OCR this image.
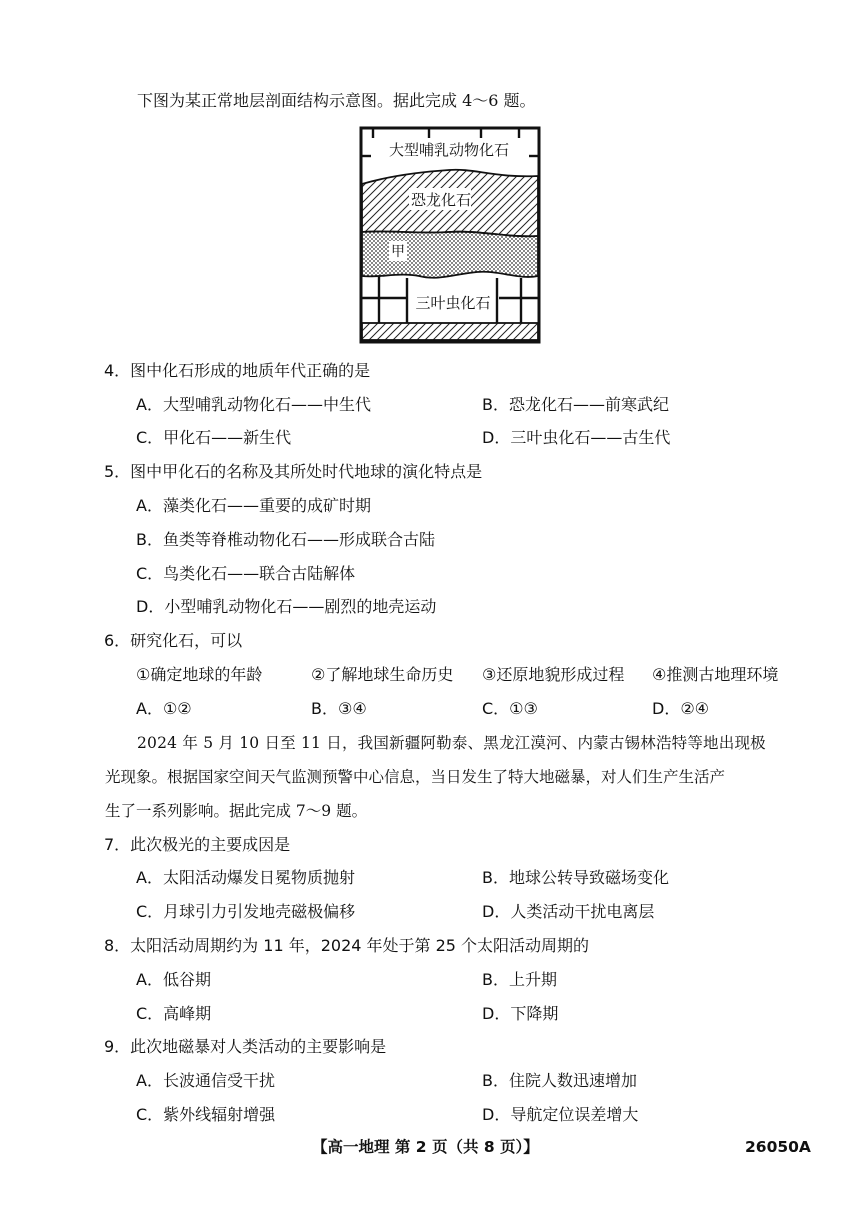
下图为某正常地层剖面结构示意图。据此完成 4～6 题。
大型哺乳动物化石
恐龙化石
甲
三叶虫化石
4．图中化石形成的地质年代正确的是
A．大型哺乳动物化石——中生代	B．恐龙化石——前寒武纪
C．甲化石——新生代	D．三叶虫化石——古生代
5．图中甲化石的名称及其所处时代地球的演化特点是
A．藻类化石——重要的成矿时期
B．鱼类等脊椎动物化石——形成联合古陆
C．鸟类化石——联合古陆解体
D．小型哺乳动物化石——剧烈的地壳运动
6．研究化石，可以
①确定地球的年龄	②了解地球生命历史 ③还原地貌形成过程 ④推测古地理环境
A．①②	B．③④	C．①③	D．②④
2024 年 5 月 10 日至 11 日，我国新疆阿勒泰、黑龙江漠河、内蒙古锡林浩特等地出现极
光现象。根据国家空间天气监测预警中心信息，当日发生了特大地磁暴，对人们生产生活产
生了一系列影响。据此完成 7～9 题。
7．此次极光的主要成因是
A．太阳活动爆发日冕物质抛射	B．地球公转导致磁场变化
C．月球引力引发地壳磁极偏移	D．人类活动干扰电离层
8．太阳活动周期约为 11 年，2024 年处于第 25 个太阳活动周期的
A．低谷期	B．上升期
C．高峰期	D．下降期
9．此次地磁暴对人类活动的主要影响是
A．长波通信受干扰	B．住院人数迅速增加
C．紫外线辐射增强	D．导航定位误差增大
【高一地理 第 2 页（共 8 页）】	26050A
